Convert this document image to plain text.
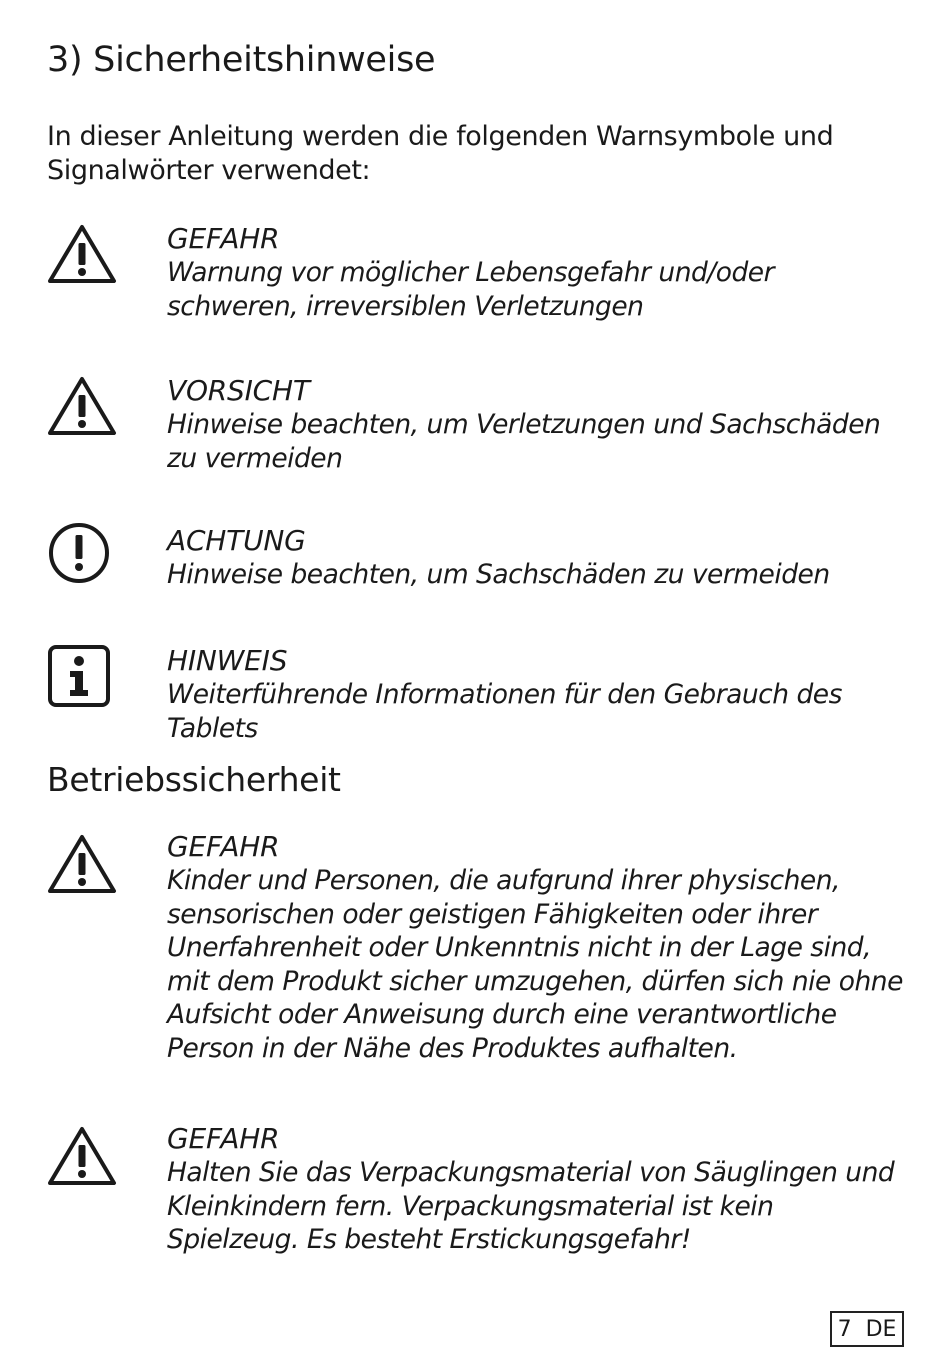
3) Sicherheitshinweise

In dieser Anleitung werden die folgenden Warnsymbole und Signalwörter verwendet:

GEFAHR
Warnung vor möglicher Lebensgefahr und/oder schweren, irreversiblen Verletzungen
VORSICHT
Hinweise beachten, um Verletzungen und Sachschäden zu vermeiden
ACHTUNG
Hinweise beachten, um Sachschäden zu vermeiden
HINWEIS
Weiterführende Informationen für den Gebrauch des Tablets
Betriebssicherheit
GEFAHR
Kinder und Personen, die aufgrund ihrer physischen, sensorischen oder geistigen Fähigkeiten oder ihrer Unerfahrenheit oder Unkenntnis nicht in der Lage sind, mit dem Produkt sicher umzugehen, dürfen sich nie ohne Aufsicht oder Anweisung durch eine verantwortliche Person in der Nähe des Produktes aufhalten.
GEFAHR
Halten Sie das Verpackungsmaterial von Säuglingen und Kleinkindern fern. Verpackungsmaterial ist kein Spielzeug. Es besteht Erstickungsgefahr!
7 DE
